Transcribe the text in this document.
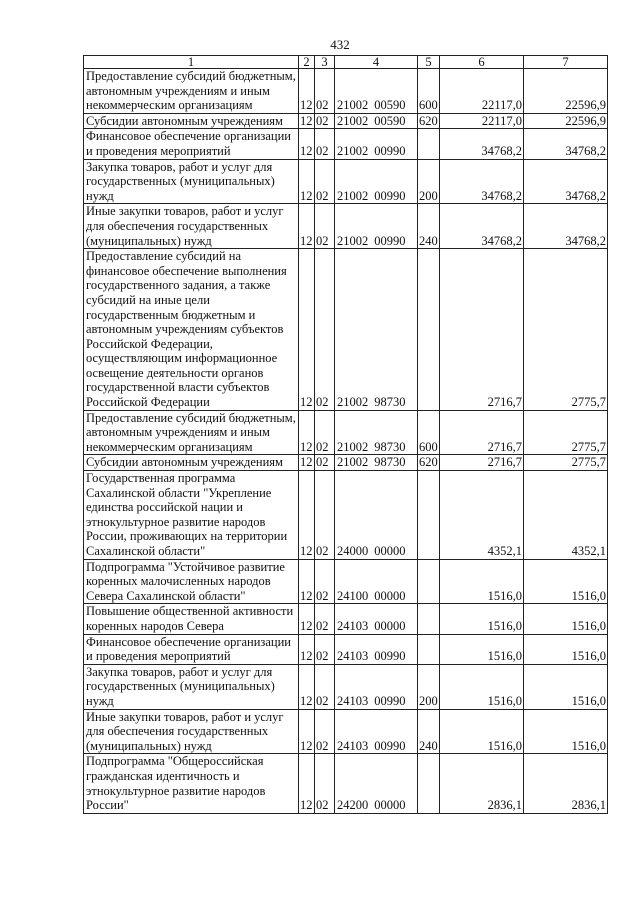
432
1	2	3	4	5	6	7
Предоставление субсидий бюджетным, автономным учреждениям и иным некоммерческим организациям	12	02	21002 00590	600	22117,0	22596,9
Субсидии автономным учреждениям	12	02	21002 00590	620	22117,0	22596,9
Финансовое обеспечение организации и проведения мероприятий	12	02	21002 00990		34768,2	34768,2
Закупка товаров, работ и услуг для государственных (муниципальных) нужд	12	02	21002 00990	200	34768,2	34768,2
Иные закупки товаров, работ и услуг для обеспечения государственных (муниципальных) нужд	12	02	21002 00990	240	34768,2	34768,2
Предоставление субсидий на финансовое обеспечение выполнения государственного задания, а также субсидий на иные цели государственным бюджетным и автономным учреждениям субъектов Российской Федерации, осуществляющим информационное освещение деятельности органов государственной власти субъектов Российской Федерации	12	02	21002 98730		2716,7	2775,7
Предоставление субсидий бюджетным, автономным учреждениям и иным некоммерческим организациям	12	02	21002 98730	600	2716,7	2775,7
Субсидии автономным учреждениям	12	02	21002 98730	620	2716,7	2775,7
Государственная программа Сахалинской области "Укрепление единства российской нации и этнокультурное развитие народов России, проживающих на территории Сахалинской области"	12	02	24000 00000		4352,1	4352,1
Подпрограмма "Устойчивое развитие коренных малочисленных народов Севера Сахалинской области"	12	02	24100 00000		1516,0	1516,0
Повышение общественной активности коренных народов Севера	12	02	24103 00000		1516,0	1516,0
Финансовое обеспечение организации и проведения мероприятий	12	02	24103 00990		1516,0	1516,0
Закупка товаров, работ и услуг для государственных (муниципальных) нужд	12	02	24103 00990	200	1516,0	1516,0
Иные закупки товаров, работ и услуг для обеспечения государственных (муниципальных) нужд	12	02	24103 00990	240	1516,0	1516,0
Подпрограмма "Общероссийская гражданская идентичность и этнокультурное развитие народов России"	12	02	24200 00000		2836,1	2836,1
